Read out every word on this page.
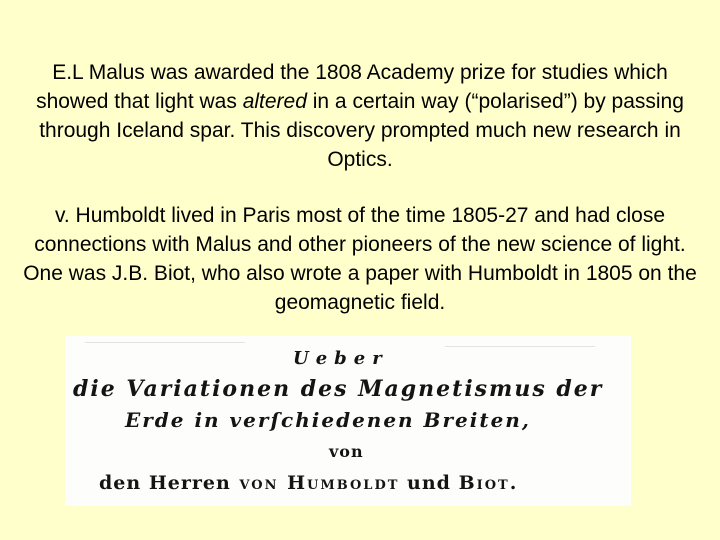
E.L Malus was awarded the 1808 Academy prize for studies which showed that light was altered in a certain way (“polarised”) by passing through Iceland spar. This discovery prompted much new research in Optics.

v. Humboldt lived in Paris most of the time 1805-27 and had close connections with Malus and other pioneers of the new science of light. One was J.B. Biot, who also wrote a paper with Humboldt in 1805 on the geomagnetic field.

Ueber
die Variationen des Magnetismus der
Erde in verſchiedenen Breiten,
von
den Herren von Humboldt und Biot.
